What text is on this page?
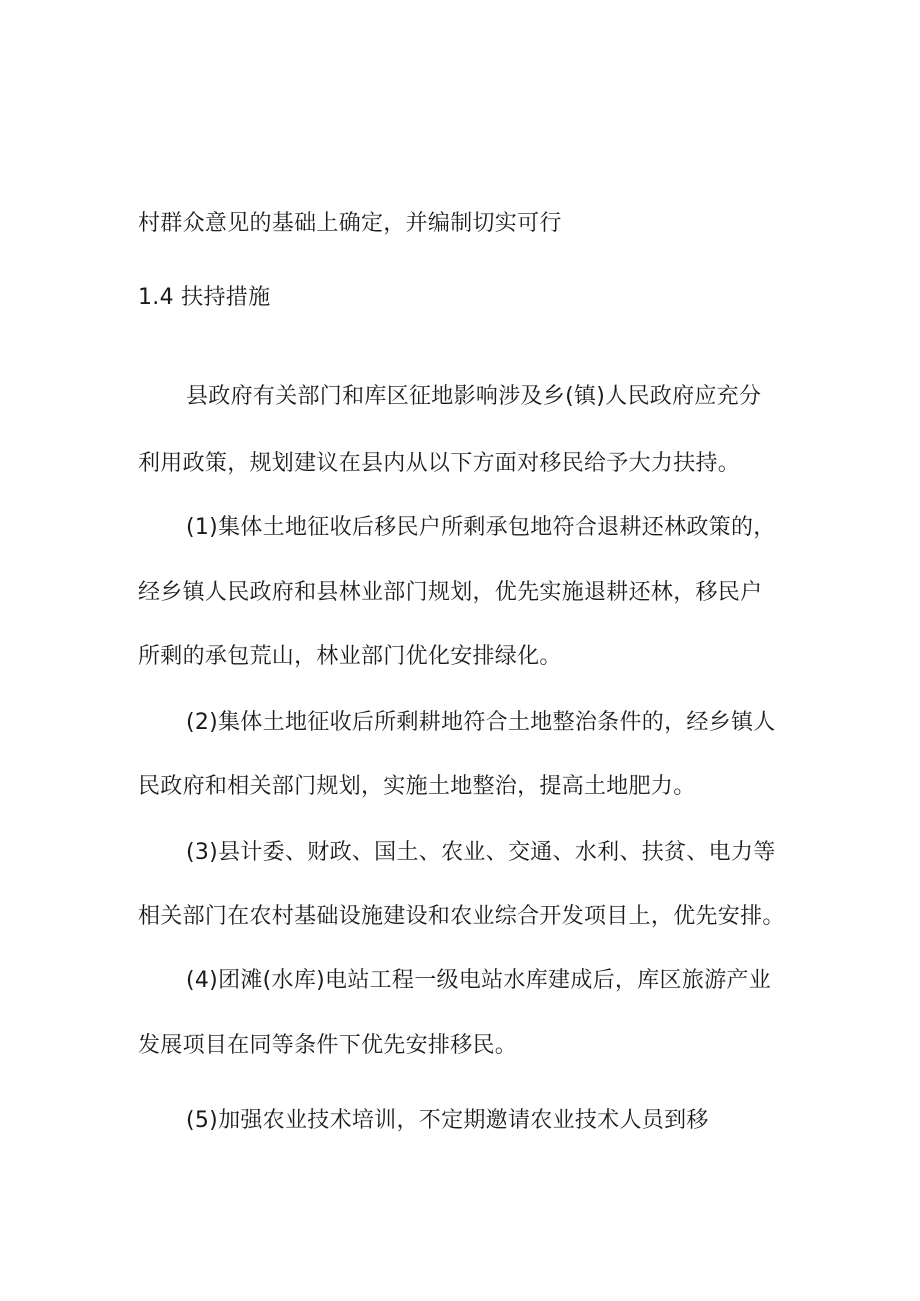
村群众意见的基础上确定，并编制切实可行
1.4 扶持措施
县政府有关部门和库区征地影响涉及乡(镇)人民政府应充分
利用政策，规划建议在县内从以下方面对移民给予大力扶持。
(1)集体土地征收后移民户所剩承包地符合退耕还林政策的，
经乡镇人民政府和县林业部门规划，优先实施退耕还林，移民户
所剩的承包荒山，林业部门优化安排绿化。
(2)集体土地征收后所剩耕地符合土地整治条件的，经乡镇人
民政府和相关部门规划，实施土地整治，提高土地肥力。
(3)县计委、财政、国土、农业、交通、水利、扶贫、电力等
相关部门在农村基础设施建设和农业综合开发项目上，优先安排。
(4)团滩(水库)电站工程一级电站水库建成后，库区旅游产业
发展项目在同等条件下优先安排移民。
(5)加强农业技术培训，不定期邀请农业技术人员到移
